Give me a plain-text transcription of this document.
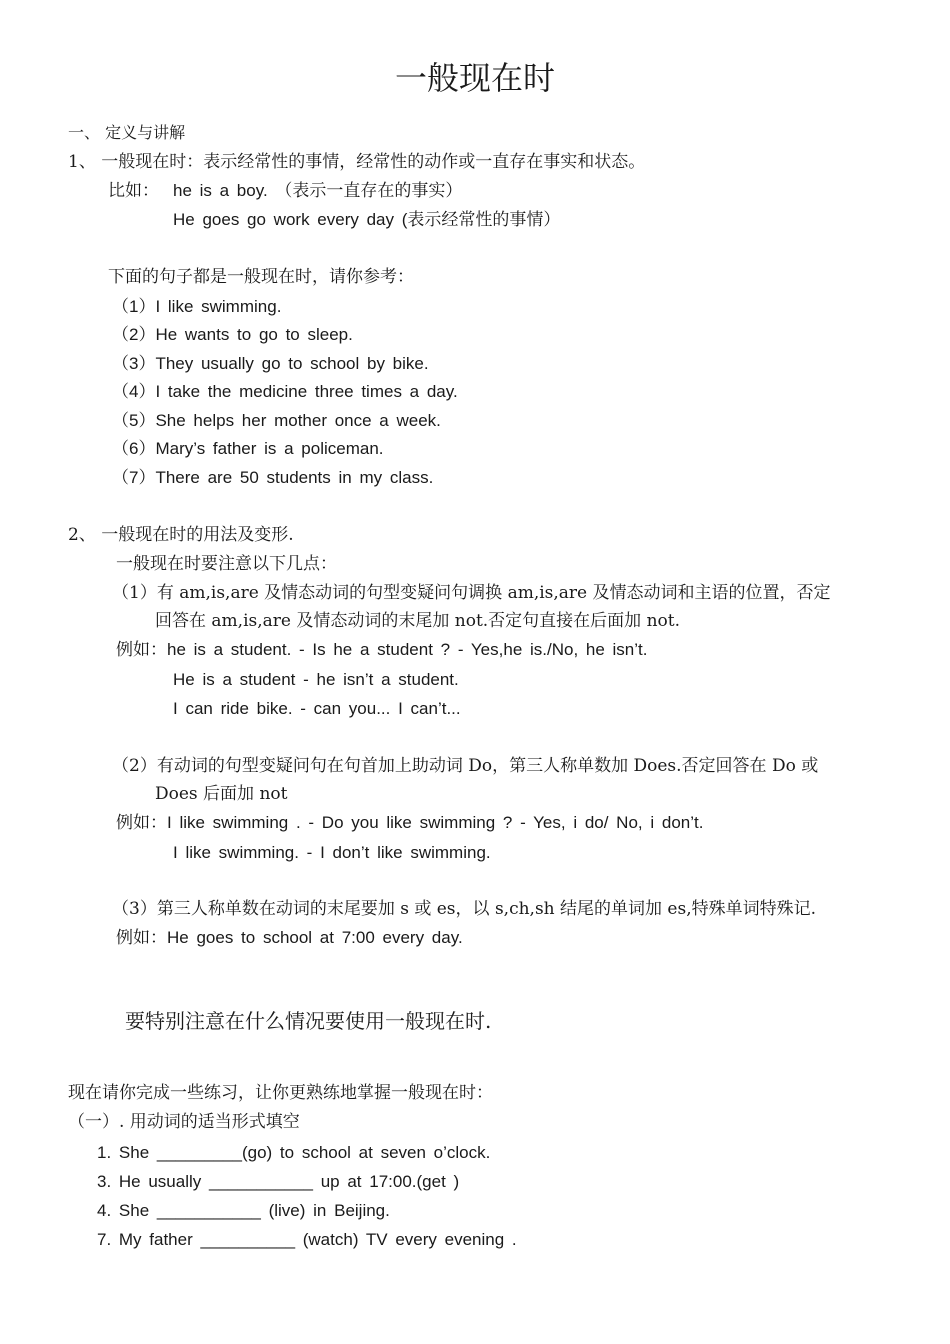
一般现在时
一、 定义与讲解
1、 一般现在时：表示经常性的事情，经常性的动作或一直存在事实和状态。
比如： he is a boy. （表示一直存在的事实）
He goes go work every day (表示经常性的事情）
下面的句子都是一般现在时，请你参考：
（1）I like swimming.
（2）He wants to go to sleep.
（3）They usually go to school by bike.
（4）I take the medicine three times a day.
（5）She helps her mother once a week.
（6）Mary’s father is a policeman.
（7）There are 50 students in my class.
2、 一般现在时的用法及变形.
一般现在时要注意以下几点：
（1）有 am,is,are 及情态动词的句型变疑问句调换 am,is,are 及情态动词和主语的位置，否定
回答在 am,is,are 及情态动词的末尾加 not.否定句直接在后面加 not.
例如：he is a student. - Is he a student ? - Yes,he is./No, he isn’t.
He is a student - he isn’t a student.
I can ride bike. - can you... I can’t...
（2）有动词的句型变疑问句在句首加上助动词 Do，第三人称单数加 Does.否定回答在 Do 或
Does 后面加 not
例如：I like swimming . - Do you like swimming ? - Yes, i do/ No, i don’t.
I like swimming. - I don’t like swimming.
（3）第三人称单数在动词的末尾要加 s 或 es，以 s,ch,sh 结尾的单词加 es,特殊单词特殊记.
例如：He goes to school at 7:00 every day.
要特别注意在什么情况要使用一般现在时.
现在请你完成一些练习，让你更熟练地掌握一般现在时：
（一）. 用动词的适当形式填空
1. She _________(go) to school at seven o’clock.
3. He usually ___________ up at 17:00.(get )
4. She ___________ (live) in Beijing.
7. My father __________ (watch) TV every evening .
